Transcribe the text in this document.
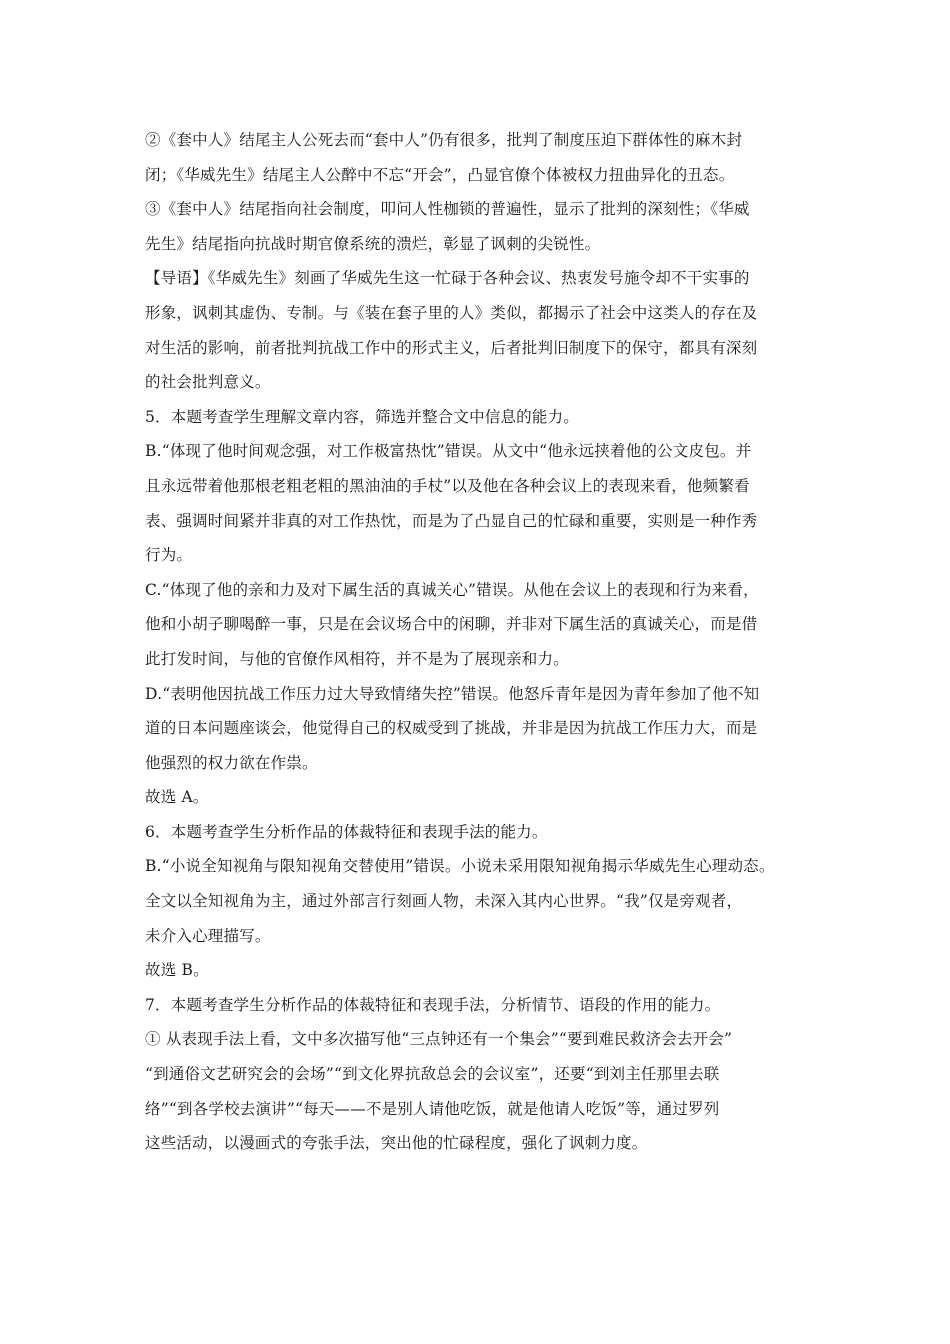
②《套中人》结尾主人公死去而“套中人”仍有很多，批判了制度压迫下群体性的麻木封
闭；《华威先生》结尾主人公醉中不忘“开会”，凸显官僚个体被权力扭曲异化的丑态。
③《套中人》结尾指向社会制度，叩问人性枷锁的普遍性，显示了批判的深刻性；《华威
先生》结尾指向抗战时期官僚系统的溃烂，彰显了讽刺的尖锐性。
【导语】《华威先生》刻画了华威先生这一忙碌于各种会议、热衷发号施令却不干实事的
形象，讽刺其虚伪、专制。与《装在套子里的人》类似，都揭示了社会中这类人的存在及
对生活的影响，前者批判抗战工作中的形式主义，后者批判旧制度下的保守，都具有深刻
的社会批判意义。
5．本题考查学生理解文章内容，筛选并整合文中信息的能力。
B.“体现了他时间观念强，对工作极富热忱”错误。从文中“他永远挟着他的公文皮包。并
且永远带着他那根老粗老粗的黑油油的手杖”以及他在各种会议上的表现来看，他频繁看
表、强调时间紧并非真的对工作热忱，而是为了凸显自己的忙碌和重要，实则是一种作秀
行为。
C.“体现了他的亲和力及对下属生活的真诚关心”错误。从他在会议上的表现和行为来看，
他和小胡子聊喝醉一事，只是在会议场合中的闲聊，并非对下属生活的真诚关心，而是借
此打发时间，与他的官僚作风相符，并不是为了展现亲和力。
D.“表明他因抗战工作压力过大导致情绪失控”错误。他怒斥青年是因为青年参加了他不知
道的日本问题座谈会，他觉得自己的权威受到了挑战，并非是因为抗战工作压力大，而是
他强烈的权力欲在作祟。
故选 A。
6．本题考查学生分析作品的体裁特征和表现手法的能力。
B.“小说全知视角与限知视角交替使用”错误。小说未采用限知视角揭示华威先生心理动态。
全文以全知视角为主，通过外部言行刻画人物，未深入其内心世界。“我”仅是旁观者，
未介入心理描写。
故选 B。
7．本题考查学生分析作品的体裁特征和表现手法，分析情节、语段的作用的能力。
① 从表现手法上看，文中多次描写他“三点钟还有一个集会”“要到难民救济会去开会”
“到通俗文艺研究会的会场”“到文化界抗敌总会的会议室”，还要“到刘主任那里去联
络”“到各学校去演讲”“每天——不是别人请他吃饭，就是他请人吃饭”等，通过罗列
这些活动，以漫画式的夸张手法，突出他的忙碌程度，强化了讽刺力度。
